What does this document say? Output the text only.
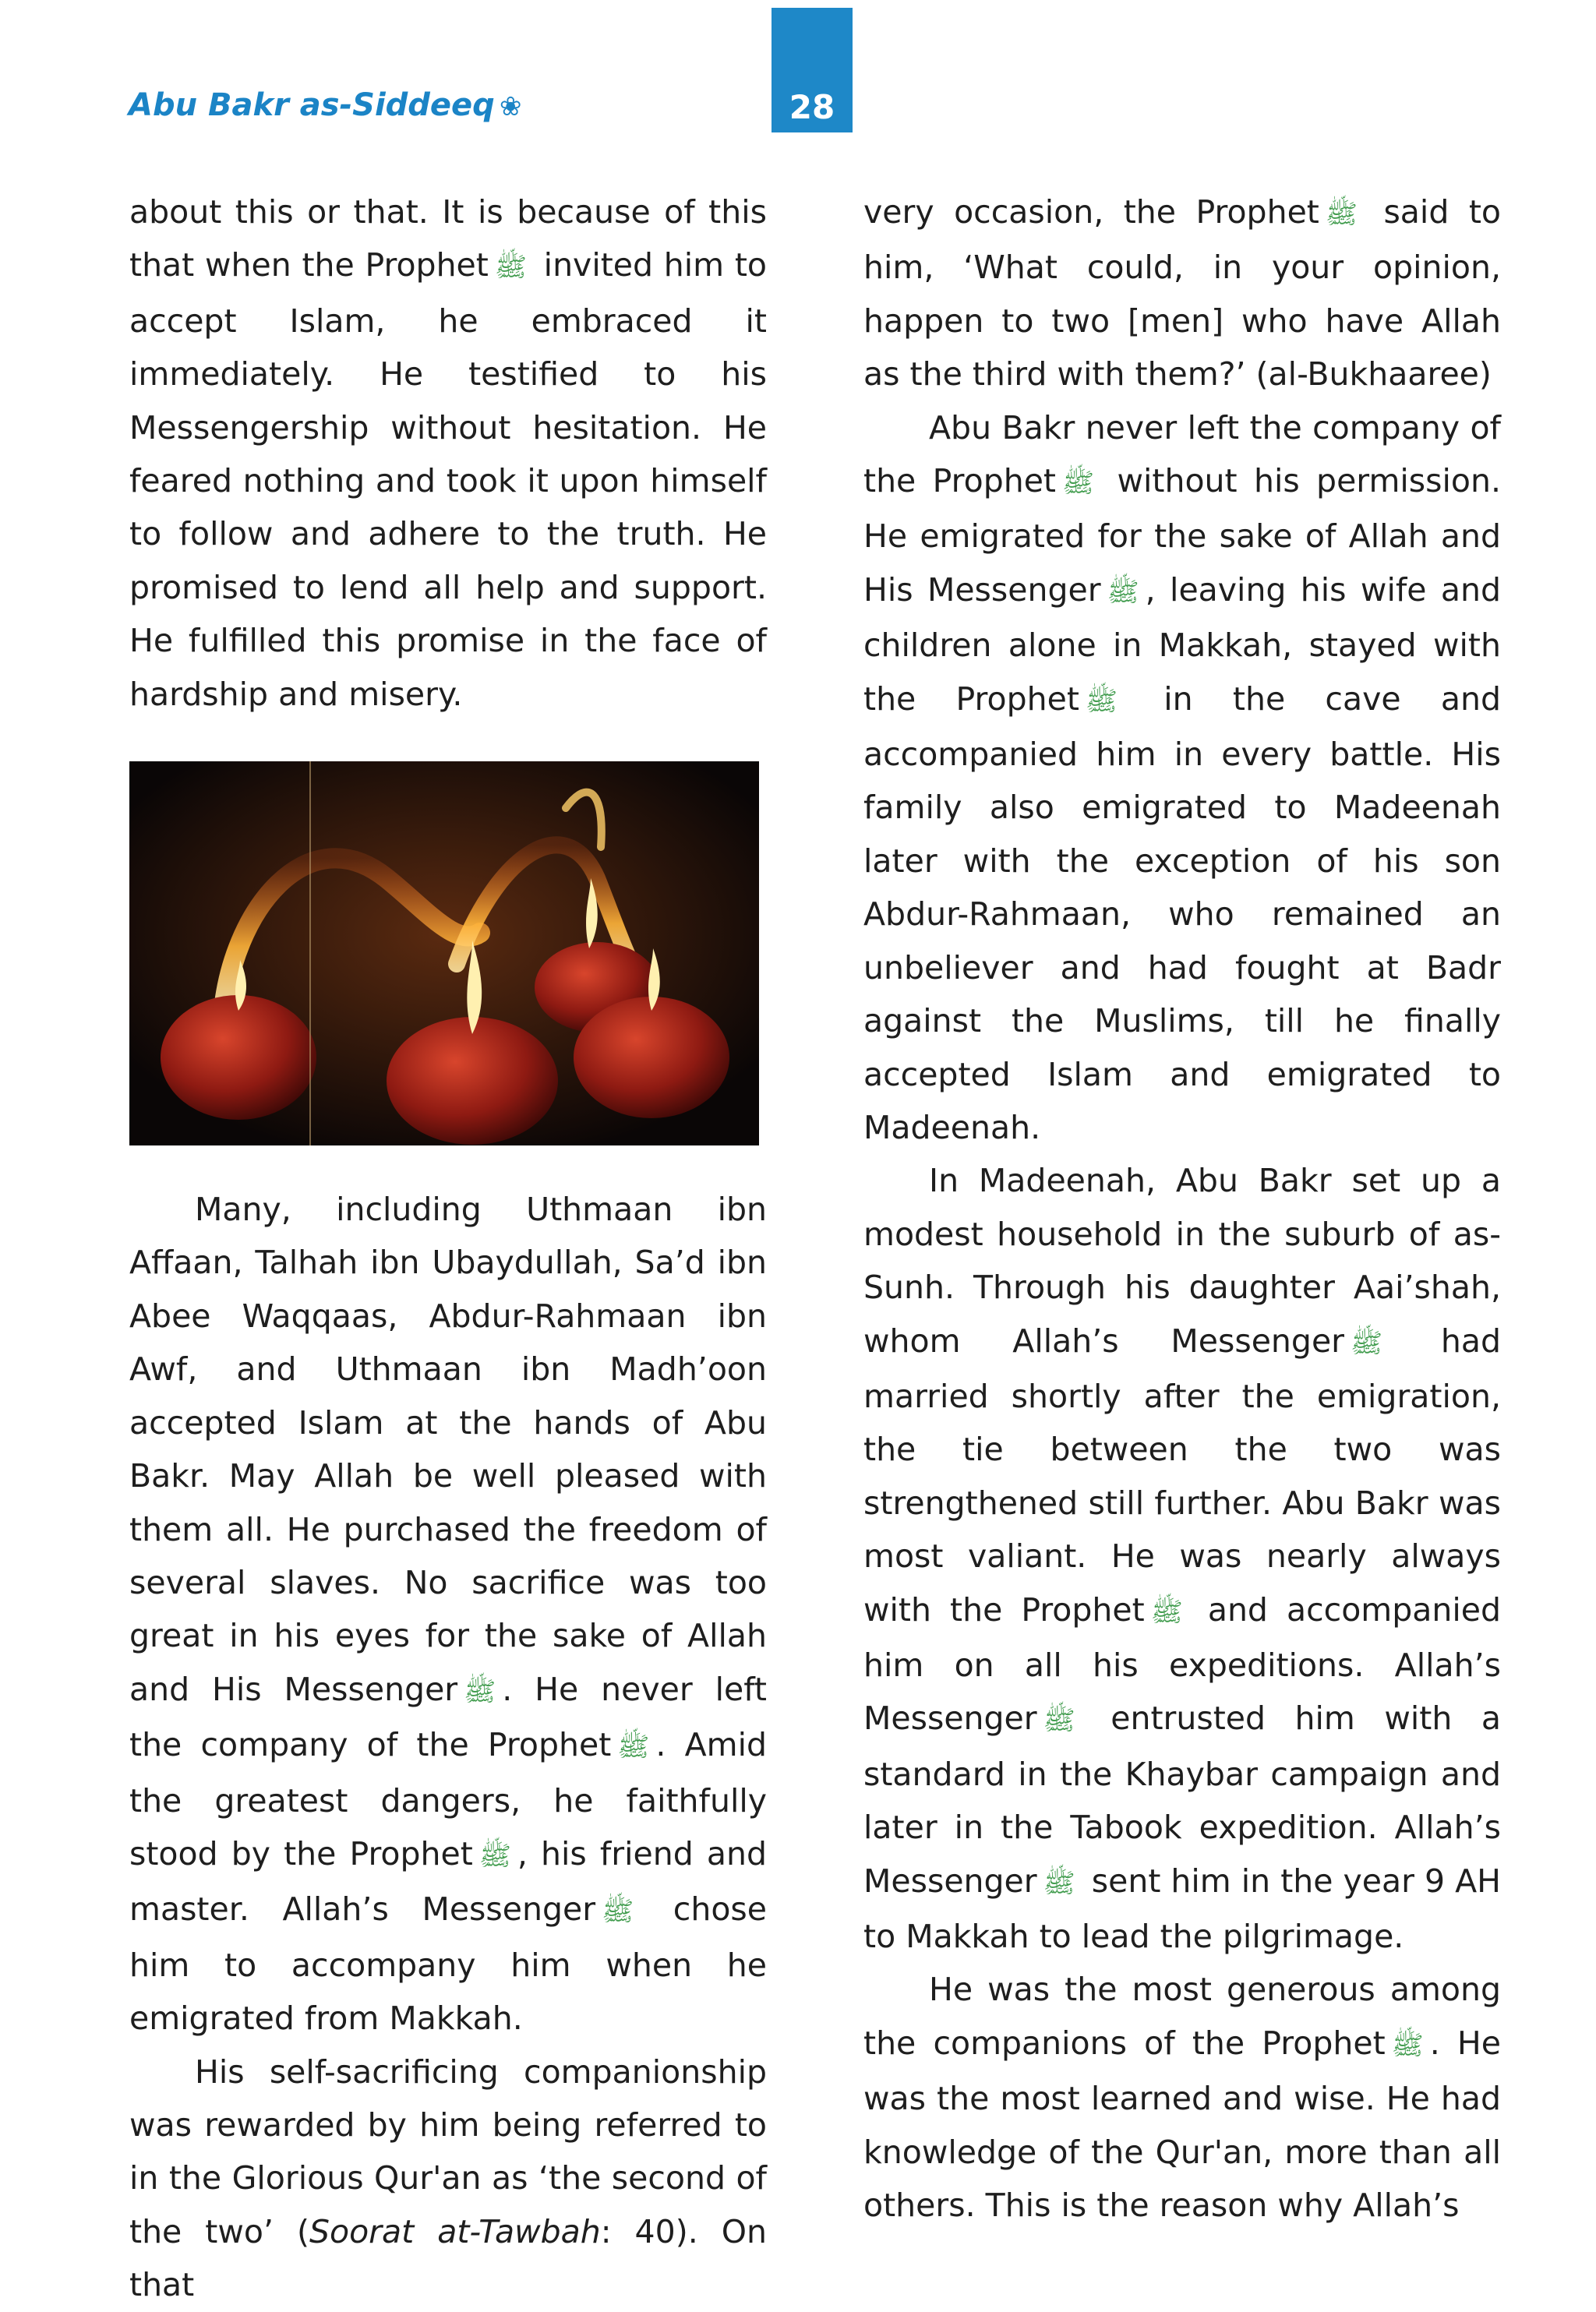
Abu Bakr as-Siddeeq ❀	28

about this or that. It is because of this that when the Prophet ﷺ invited him to accept Islam, he embraced it immediately. He testified to his Messengership without hesitation. He feared nothing and took it upon himself to follow and adhere to the truth. He promised to lend all help and support. He fulfilled this promise in the face of hardship and misery.

Many, including Uthmaan ibn Affaan, Talhah ibn Ubaydullah, Sa’d ibn Abee Waqqaas, Abdur-Rahmaan ibn Awf, and Uthmaan ibn Madh’oon accepted Islam at the hands of Abu Bakr. May Allah be well pleased with them all. He purchased the freedom of several slaves. No sacrifice was too great in his eyes for the sake of Allah and His Messenger ﷺ . He never left the company of the Prophet ﷺ . Amid the greatest dangers, he faithfully stood by the Prophet ﷺ , his friend and master. Allah’s Messenger ﷺ chose him to accompany him when he emigrated from Makkah.

His self-sacrificing companionship was rewarded by him being referred to in the Glorious Qur'an as ‘the second of the two’ (Soorat at-Tawbah: 40). On that

very occasion, the Prophet ﷺ said to him, ‘What could, in your opinion, happen to two [men] who have Allah as the third with them?’ (al-Bukhaaree)

Abu Bakr never left the company of the Prophet ﷺ without his permission. He emigrated for the sake of Allah and His Messenger ﷺ , leaving his wife and children alone in Makkah, stayed with the Prophet ﷺ in the cave and accompanied him in every battle. His family also emigrated to Madeenah later with the exception of his son Abdur-Rahmaan, who remained an unbeliever and had fought at Badr against the Muslims, till he finally accepted Islam and emigrated to Madeenah.

In Madeenah, Abu Bakr set up a modest household in the suburb of as-Sunh. Through his daughter Aai’shah, whom Allah’s Messenger ﷺ had married shortly after the emigration, the tie between the two was strengthened still further. Abu Bakr was most valiant. He was nearly always with the Prophet ﷺ and accompanied him on all his expeditions. Allah’s Messenger ﷺ entrusted him with a standard in the Khaybar campaign and later in the Tabook expedition. Allah’s Messenger ﷺ sent him in the year 9 AH to Makkah to lead the pilgrimage.

He was the most generous among the companions of the Prophet ﷺ . He was the most learned and wise. He had knowledge of the Qur'an, more than all others. This is the reason why Allah’s
